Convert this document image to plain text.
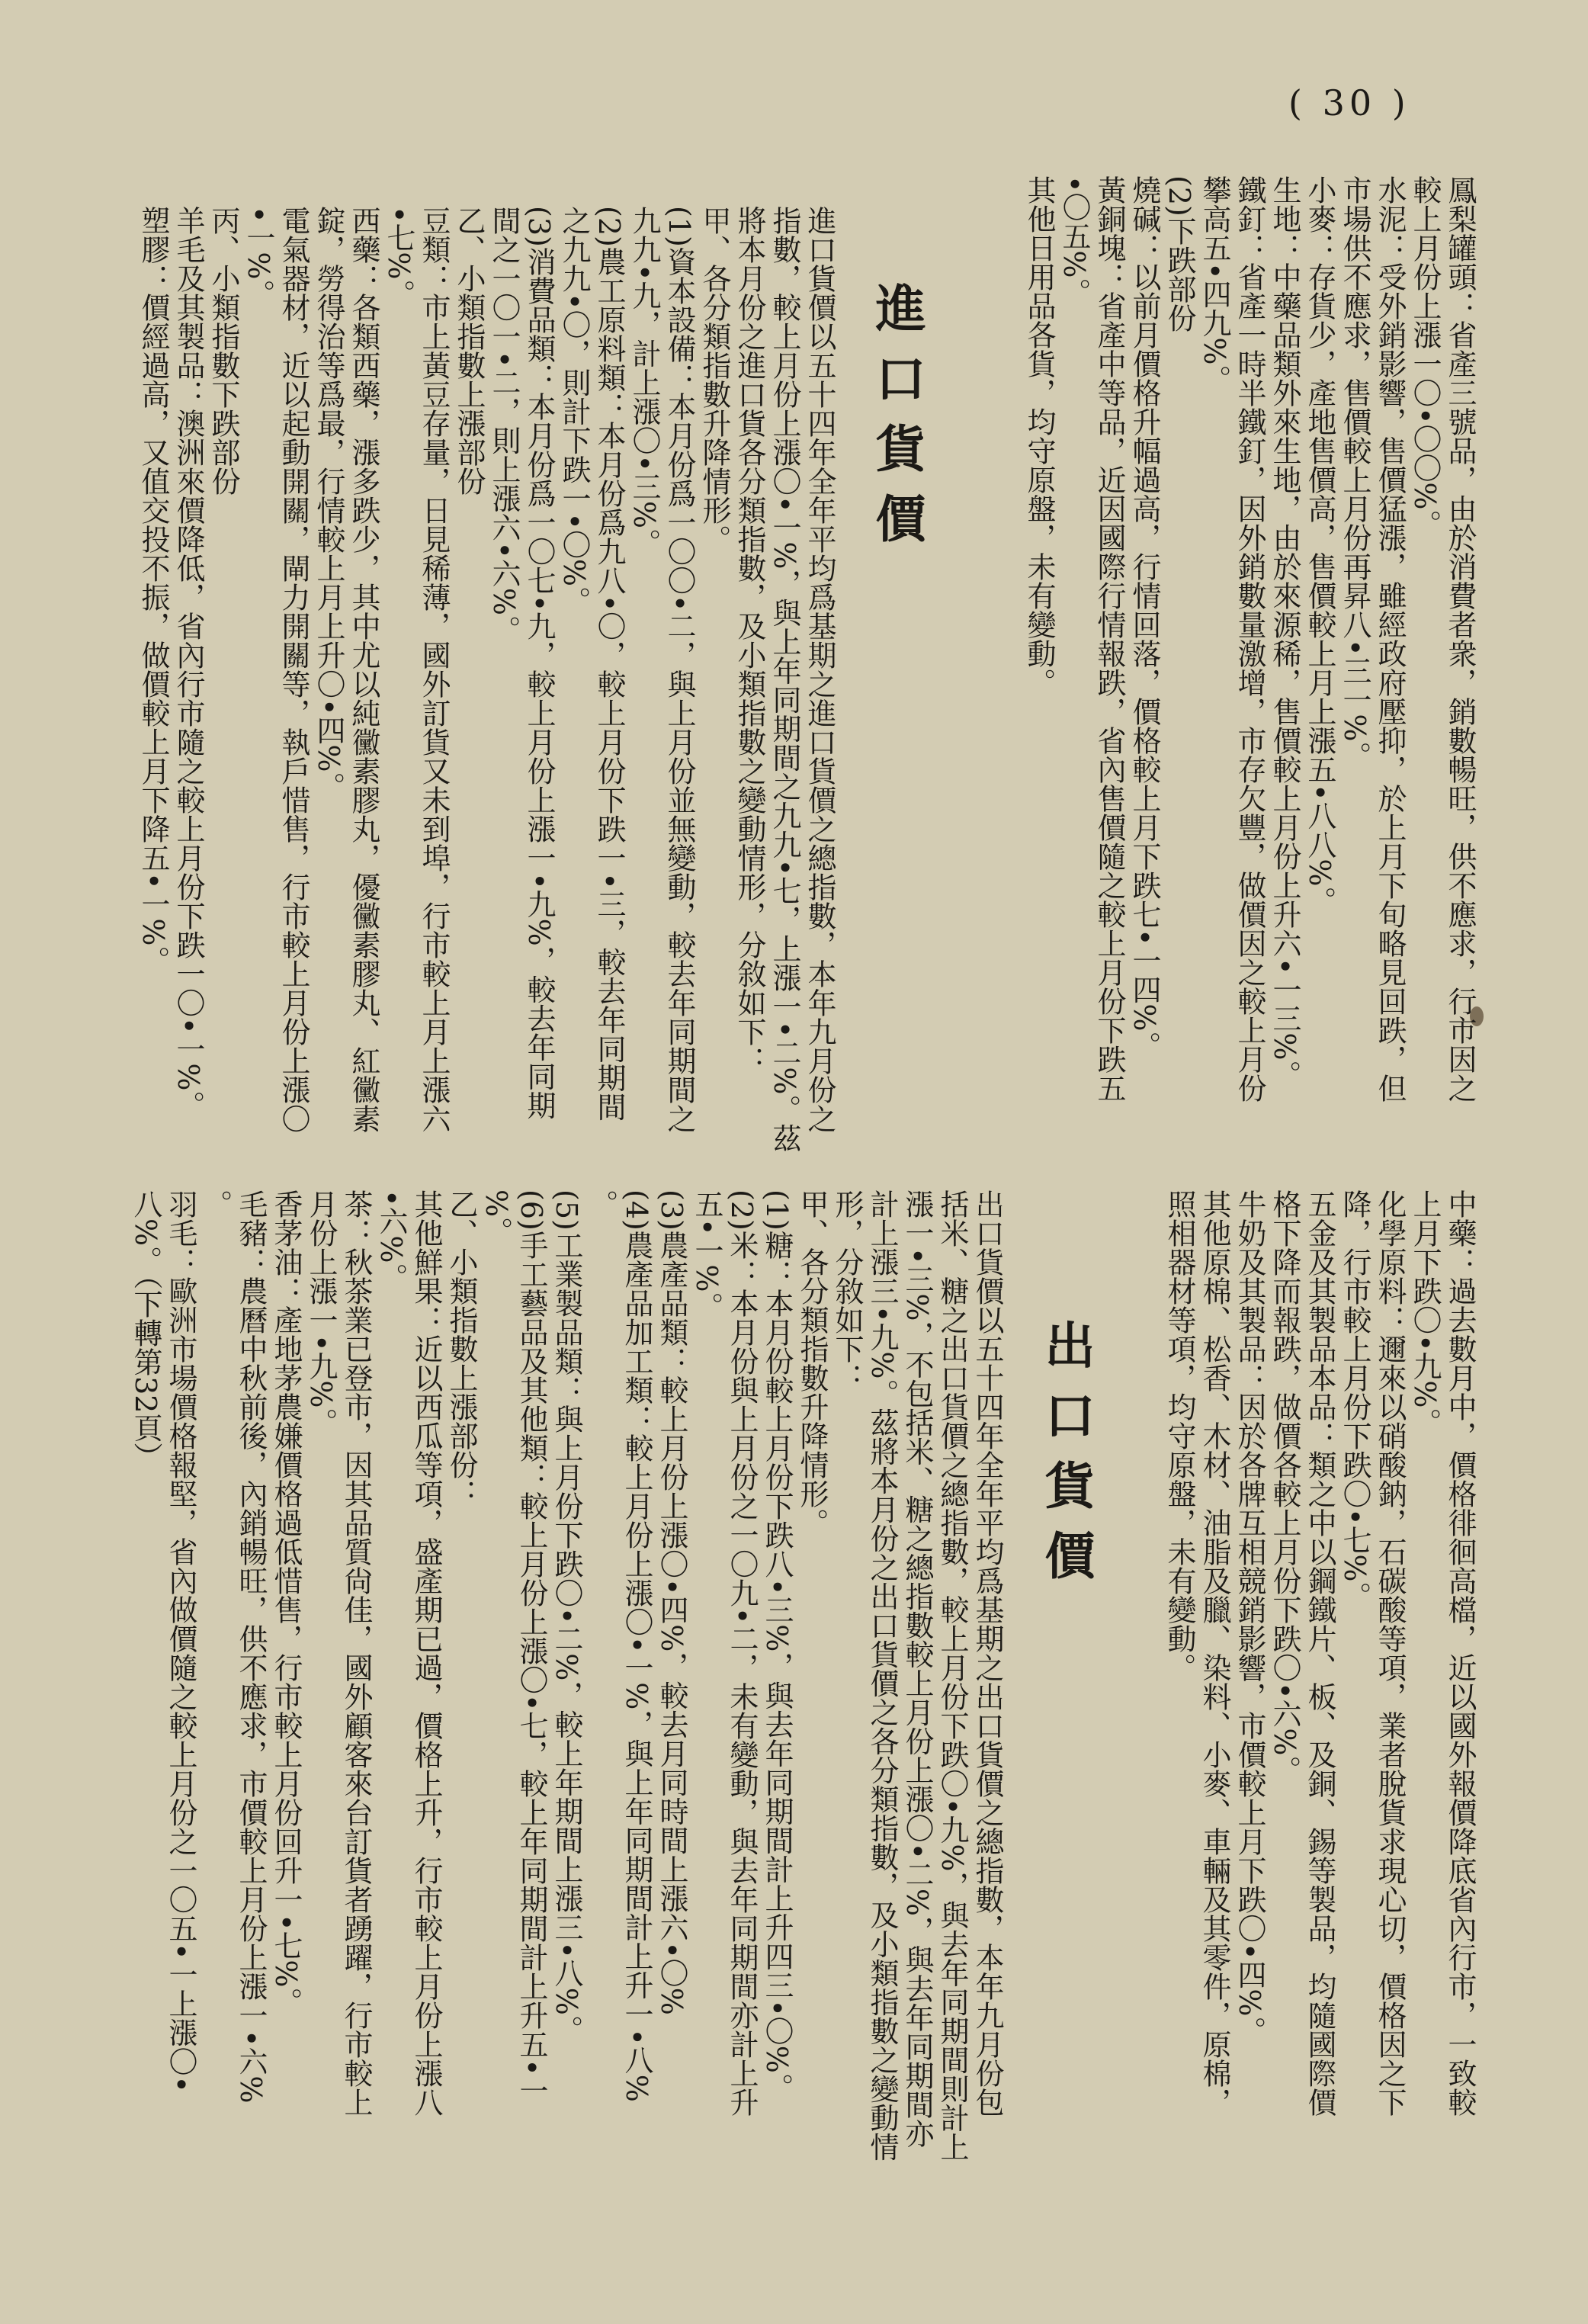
( 30 )

鳳梨罐頭：省產三號品，由於消費者衆，銷數暢旺，供不應求，行市因之

較上月份上漲一〇•〇〇%。

水泥：受外銷影響，售價猛漲，雖經政府壓抑，於上月下旬略見回跌，但

市場供不應求，售價較上月份再昇八•三一%。

小麥：存貨少，產地售價高，售價較上月上漲五•八八%。

生地：中藥品類外來生地，由於來源稀，售價較上月份上升六•一三%。

鐵釘：省產一時半鐵釘，因外銷數量激增，市存欠豐，做價因之較上月份

攀高五•四九%。

(2)下跌部份

燒碱：以前月價格升幅過高，行情回落，價格較上月下跌七•一四%。

黃銅塊：省產中等品，近因國際行情報跌，省內售價隨之較上月份下跌五

•〇五%。

其他日用品各貨，均守原盤，未有變動。

進口貨價

進口貨價以五十四年全年平均爲基期之進口貨價之總指數，本年九月份之

指數，較上月份上漲〇•一%，與上年同期間之九九•七，上漲一•二%。茲

將本月份之進口貨各分類指數，及小類指數之變動情形，分敘如下：

甲、各分類指數升降情形。

(1)資本設備：本月份爲一〇〇•二，與上月份並無變動，較去年同期間之

九九•九，計上漲〇•三%。

(2)農工原料類：本月份爲九八•〇，較上月份下跌一•三，較去年同期間

之九九•〇，則計下跌一•〇%。

(3)消費品類：本月份爲一〇七•九，較上月份上漲一•九%，較去年同期

間之一〇一•二，則上漲六•六%。

乙、小類指數上漲部份

豆類：市上黃豆存量，日見稀薄，國外訂貨又未到埠，行市較上月上漲六

•七%。

西藥：各類西藥，漲多跌少，其中尤以純黴素膠丸，優黴素膠丸、紅黴素

錠，勞得治等爲最，行情較上月上升〇•四%。

電氣器材，近以起動開關，閘力開關等，執戶惜售，行市較上月份上漲〇

•一%。

丙、小類指數下跌部份

羊毛及其製品：澳洲來價降低，省內行市隨之較上月份下跌一〇•一%。

塑膠：價經過高，又值交投不振，做價較上月下降五•一%。

中藥：過去數月中，價格徘徊高檔，近以國外報價降底省內行市，一致較

上月下跌〇•九%。

化學原料：邇來以硝酸鈉，石碳酸等項，業者脫貨求現心切，價格因之下

降，行市較上月份下跌〇•七%。

五金及其製品本品：類之中以鋼鐵片、板、及銅、錫等製品，均隨國際價

格下降而報跌，做價各較上月份下跌〇•六%。

牛奶及其製品：因於各牌互相競銷影響，市價較上月下跌〇•四%。

其他原棉、松香、木材、油脂及臘、染料、小麥、車輛及其零件，原棉，

照相器材等項，均守原盤，未有變動。

出口貨價

出口貨價以五十四年全年平均爲基期之出口貨價之總指數，本年九月份包

括米、糖之出口貨價之總指數，較上月份下跌〇•九%，與去年同期間則計上

漲一•三%，不包括米、糖之總指數較上月份上漲〇•二%，與去年同期間亦

計上漲三•九%。茲將本月份之出口貨價之各分類指數，及小類指數之變動情

形，分敘如下：

甲、各分類指數升降情形。

(1)糖：本月份較上月份下跌八•三%，與去年同期間計上升四三•〇%。

(2)米：本月份與上月份之一〇九•二，未有變動，與去年同期間亦計上升

五•一%。

(3)農產品類：較上月份上漲〇•四%，較去月同時間上漲六•〇%

(4)農產品加工類：較上月份上漲〇•一%，與上年同期間計上升一•八%

。

(5)工業製品類：與上月份下跌〇•二%，較上年期間上漲三•八%。

(6)手工藝品及其他類：較上月份上漲〇•七，較上年同期間計上升五•一

%。

乙、小類指數上漲部份：

其他鮮果：近以西瓜等項，盛產期已過，價格上升，行市較上月份上漲八

•六%。

茶：秋茶業已登市，因其品質尙佳，國外顧客來台訂貨者踴躍，行市較上

月份上漲一•九%。

香茅油：產地茅農嫌價格過低惜售，行市較上月份回升一•七%。

毛豬：農曆中秋前後，內銷暢旺，供不應求，市價較上月份上漲一•六%

。

羽毛：歐洲市場價格報堅，省內做價隨之較上月份之一〇五•一上漲〇•

八%。（下轉第32頁）
